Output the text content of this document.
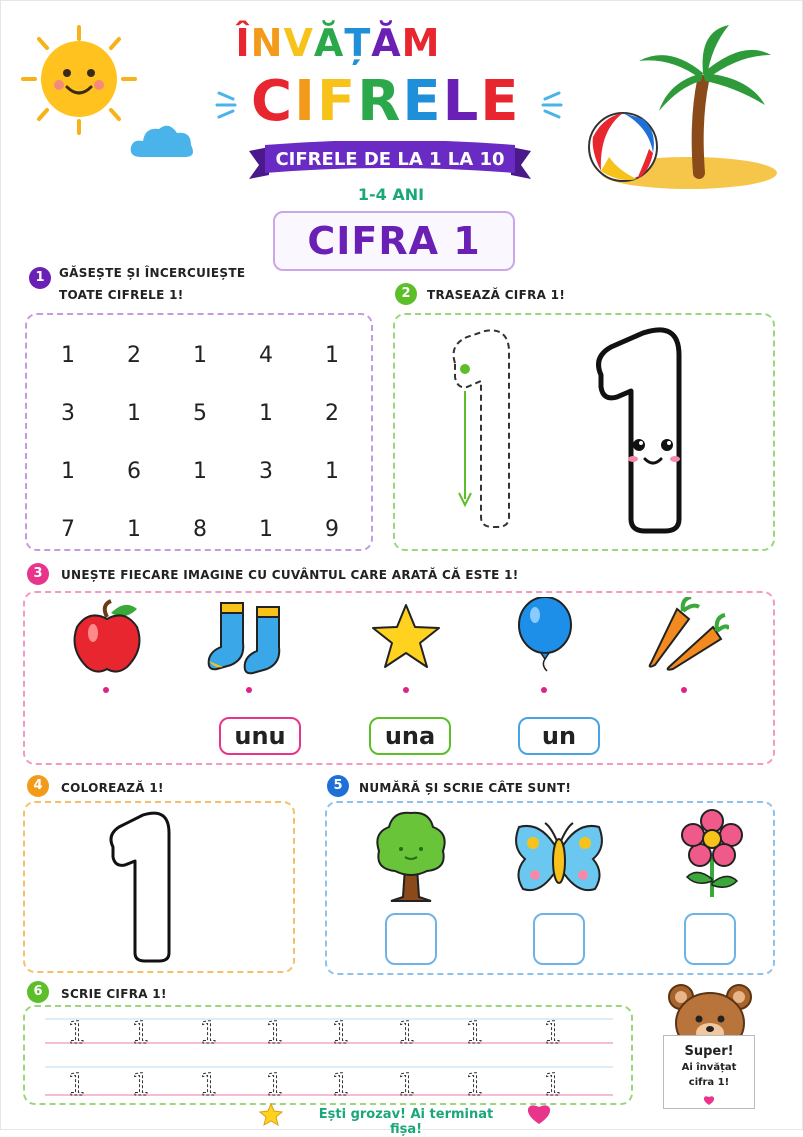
ÎNVĂȚĂM
CIFRELE
CIFRELE DE LA 1 LA 10
1-4 ANI
CIFRA 1
1	GĂSEȘTE ȘI ÎNCERCUIEȘTE
TOATE CIFRELE 1!
1	2	1	4	1
3	1	5	1	2
1	6	1	3	1
7	1	8	1	9
2	TRASEAZĂ CIFRA 1!
3	UNEȘTE FIECARE IMAGINE CU CUVÂNTUL CARE ARATĂ CĂ ESTE 1!
unu	una	un
4	COLOREAZĂ 1!	5	NUMĂRĂ ȘI SCRIE CÂTE SUNT!
6	SCRIE CIFRA 1!
1 1 1 1 1 1 1 1
1 1 1 1 1 1 1 1
Super!
Ai învățat
cifra 1!
Ești grozav! Ai terminat fișa!
